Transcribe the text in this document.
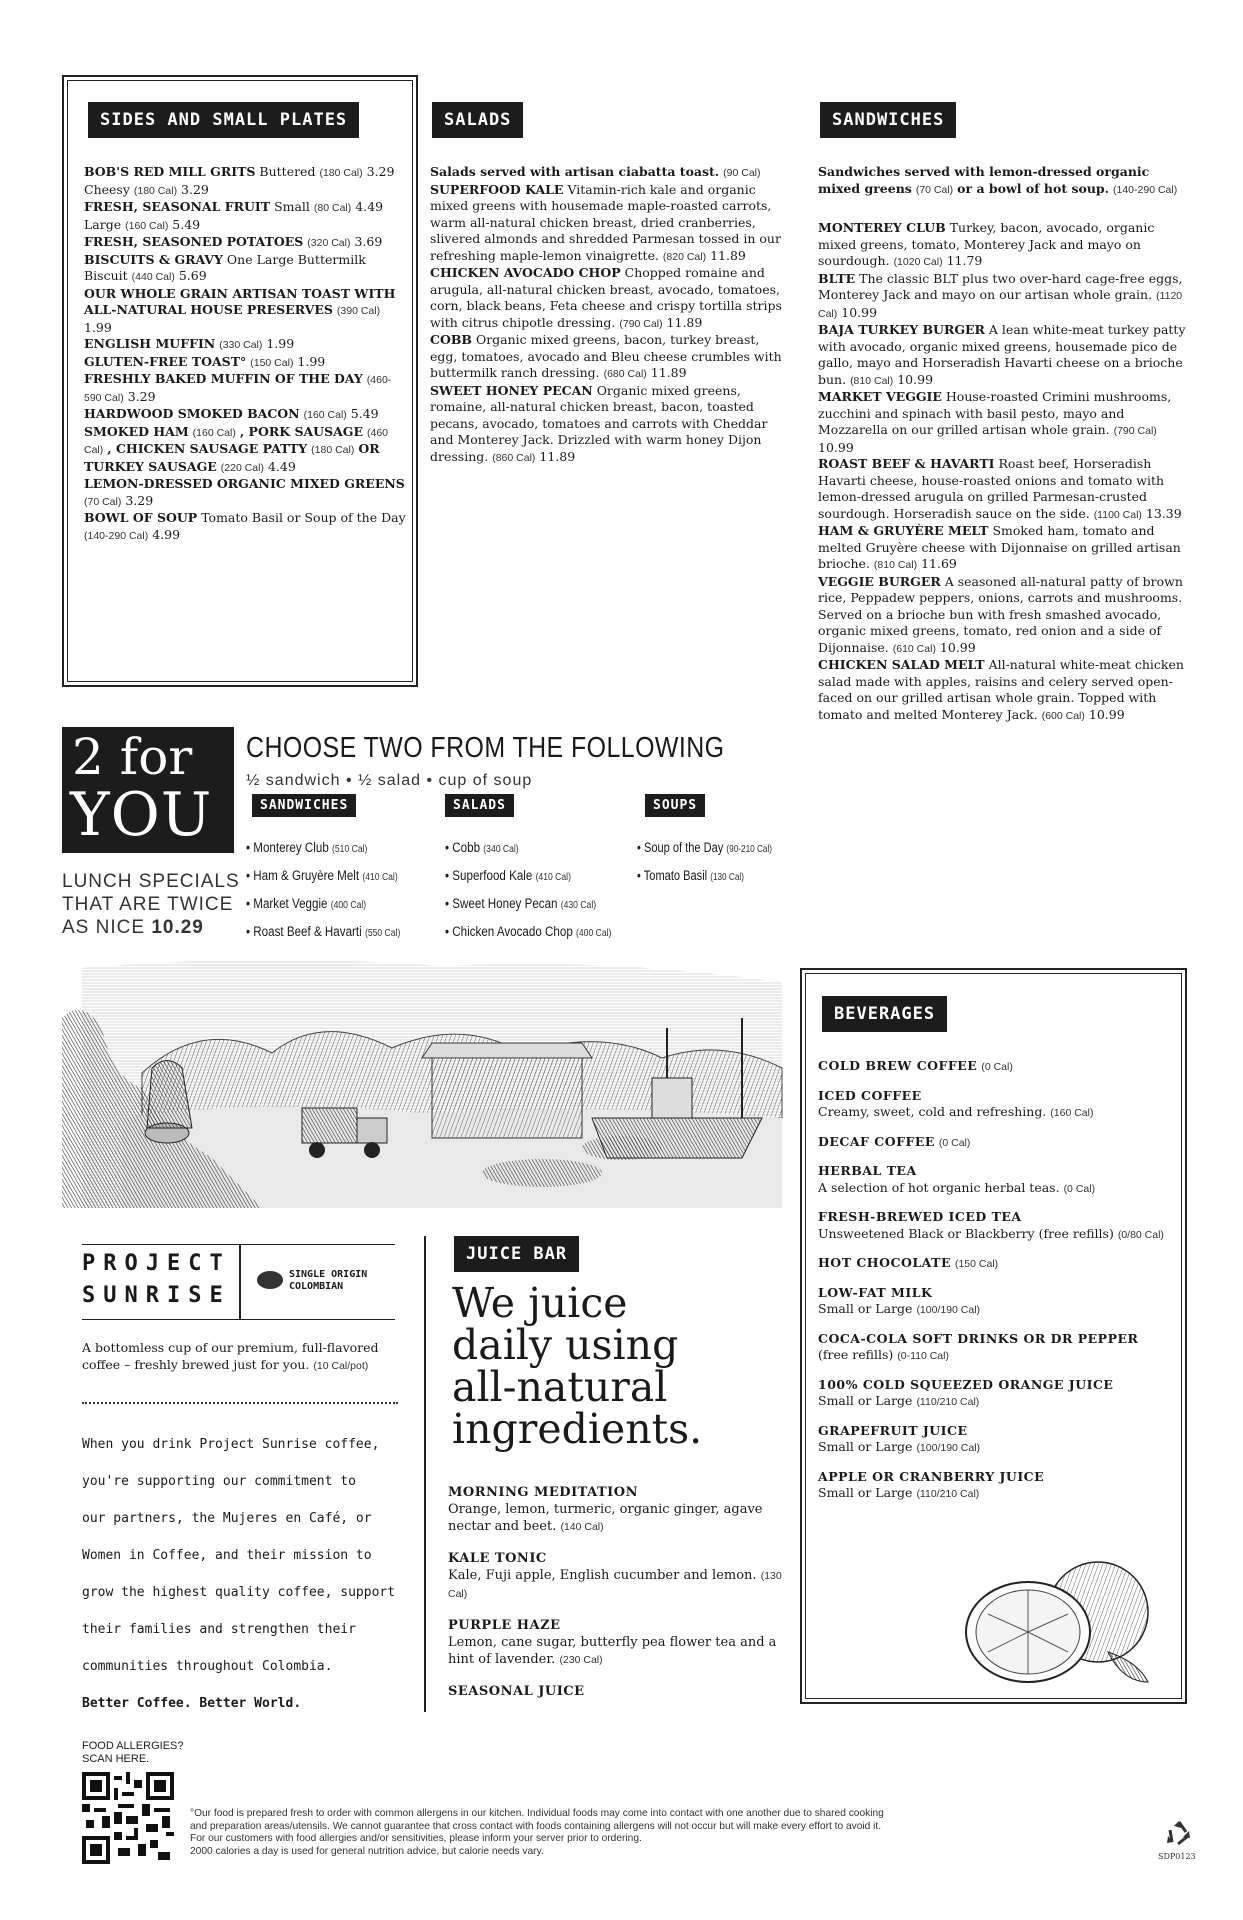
SIDES AND SMALL PLATES

BOB'S RED MILL GRITS Buttered (180 Cal) 3.29 Cheesy (180 Cal) 3.29

FRESH, SEASONAL FRUIT Small (80 Cal) 4.49 Large (160 Cal) 5.49

FRESH, SEASONED POTATOES (320 Cal) 3.69

BISCUITS & GRAVY One Large Buttermilk Biscuit (440 Cal) 5.69

OUR WHOLE GRAIN ARTISAN TOAST WITH ALL-NATURAL HOUSE PRESERVES (390 Cal) 1.99

ENGLISH MUFFIN (330 Cal) 1.99

GLUTEN-FREE TOAST° (150 Cal) 1.99

FRESHLY BAKED MUFFIN OF THE DAY (460-590 Cal) 3.29

HARDWOOD SMOKED BACON (160 Cal) 5.49

SMOKED HAM (160 Cal) , PORK SAUSAGE (460 Cal) , CHICKEN SAUSAGE PATTY (180 Cal) OR TURKEY SAUSAGE (220 Cal) 4.49

LEMON-DRESSED ORGANIC MIXED GREENS (70 Cal) 3.29

BOWL OF SOUP Tomato Basil or Soup of the Day (140-290 Cal) 4.99

SALADS

Salads served with artisan ciabatta toast. (90 Cal)

SUPERFOOD KALE Vitamin-rich kale and organic mixed greens with housemade maple-roasted carrots, warm all-natural chicken breast, dried cranberries, slivered almonds and shredded Parmesan tossed in our refreshing maple-lemon vinaigrette. (820 Cal) 11.89

CHICKEN AVOCADO CHOP Chopped romaine and arugula, all-natural chicken breast, avocado, tomatoes, corn, black beans, Feta cheese and crispy tortilla strips with citrus chipotle dressing. (790 Cal) 11.89

COBB Organic mixed greens, bacon, turkey breast, egg, tomatoes, avocado and Bleu cheese crumbles with buttermilk ranch dressing. (680 Cal) 11.89

SWEET HONEY PECAN Organic mixed greens, romaine, all-natural chicken breast, bacon, toasted pecans, avocado, tomatoes and carrots with Cheddar and Monterey Jack. Drizzled with warm honey Dijon dressing. (860 Cal) 11.89

SANDWICHES

Sandwiches served with lemon-dressed organic mixed greens (70 Cal) or a bowl of hot soup. (140-290 Cal)

MONTEREY CLUB Turkey, bacon, avocado, organic mixed greens, tomato, Monterey Jack and mayo on sourdough. (1020 Cal) 11.79

BLTE The classic BLT plus two over-hard cage-free eggs, Monterey Jack and mayo on our artisan whole grain. (1120 Cal) 10.99

BAJA TURKEY BURGER A lean white-meat turkey patty with avocado, organic mixed greens, housemade pico de gallo, mayo and Horseradish Havarti cheese on a brioche bun. (810 Cal) 10.99

MARKET VEGGIE House-roasted Crimini mushrooms, zucchini and spinach with basil pesto, mayo and Mozzarella on our grilled artisan whole grain. (790 Cal) 10.99

ROAST BEEF & HAVARTI Roast beef, Horseradish Havarti cheese, house-roasted onions and tomato with lemon-dressed arugula on grilled Parmesan-crusted sourdough. Horseradish sauce on the side. (1100 Cal) 13.39

HAM & GRUYÈRE MELT Smoked ham, tomato and melted Gruyère cheese with Dijonnaise on grilled artisan brioche. (810 Cal) 11.69

VEGGIE BURGER A seasoned all-natural patty of brown rice, Peppadew peppers, onions, carrots and mushrooms. Served on a brioche bun with fresh smashed avocado, organic mixed greens, tomato, red onion and a side of Dijonnaise. (610 Cal) 10.99

CHICKEN SALAD MELT All-natural white-meat chicken salad made with apples, raisins and celery served open-faced on our grilled artisan whole grain. Topped with tomato and melted Monterey Jack. (600 Cal) 10.99

2 for
YOU
LUNCH SPECIALS
THAT ARE TWICE
AS NICE 10.29
CHOOSE TWO FROM THE FOLLOWING
½ sandwich • ½ salad • cup of soup
SANDWICHES	SALADS	SOUPS
• Monterey Club (510 Cal)
• Ham & Gruyère Melt (410 Cal)
• Market Veggie (400 Cal)
• Roast Beef & Havarti (550 Cal)
• Cobb (340 Cal)
• Superfood Kale (410 Cal)
• Sweet Honey Pecan (430 Cal)
• Chicken Avocado Chop (400 Cal)
• Soup of the Day (90-210 Cal)
• Tomato Basil (130 Cal)
BEVERAGES

COLD BREW COFFEE (0 Cal)

ICED COFFEE
Creamy, sweet, cold and refreshing. (160 Cal)

DECAF COFFEE (0 Cal)

HERBAL TEA
A selection of hot organic herbal teas. (0 Cal)

FRESH-BREWED ICED TEA
Unsweetened Black or Blackberry (free refills) (0/80 Cal)

HOT CHOCOLATE (150 Cal)

LOW-FAT MILK
Small or Large (100/190 Cal)

COCA-COLA SOFT DRINKS OR DR PEPPER
(free refills) (0-110 Cal)

100% COLD SQUEEZED ORANGE JUICE
Small or Large (110/210 Cal)

GRAPEFRUIT JUICE
Small or Large (100/190 Cal)

APPLE OR CRANBERRY JUICE
Small or Large (110/210 Cal)

PROJECT
SUNRISE
SINGLE ORIGIN
COLOMBIAN
A bottomless cup of our premium, full-flavored coffee – freshly brewed just for you. (10 Cal/pot)
When you drink Project Sunrise coffee,
you're supporting our commitment to
our partners, the Mujeres en Café, or
Women in Coffee, and their mission to
grow the highest quality coffee, support
their families and strengthen their
communities throughout Colombia.
Better Coffee. Better World.
JUICE BAR
We juice
daily using
all-natural
ingredients.

MORNING MEDITATION
Orange, lemon, turmeric, organic ginger, agave nectar and beet. (140 Cal)

KALE TONIC
Kale, Fuji apple, English cucumber and lemon. (130 Cal)

PURPLE HAZE
Lemon, cane sugar, butterfly pea flower tea and a hint of lavender. (230 Cal)

SEASONAL JUICE

FOOD ALLERGIES?
SCAN HERE.
°Our food is prepared fresh to order with common allergens in our kitchen. Individual foods may come into contact with one another due to shared cooking
and preparation areas/utensils. We cannot guarantee that cross contact with foods containing allergens will not occur but will make every effort to avoid it.
For our customers with food allergies and/or sensitivities, please inform your server prior to ordering.
2000 calories a day is used for general nutrition advice, but calorie needs vary.	SDP0123
